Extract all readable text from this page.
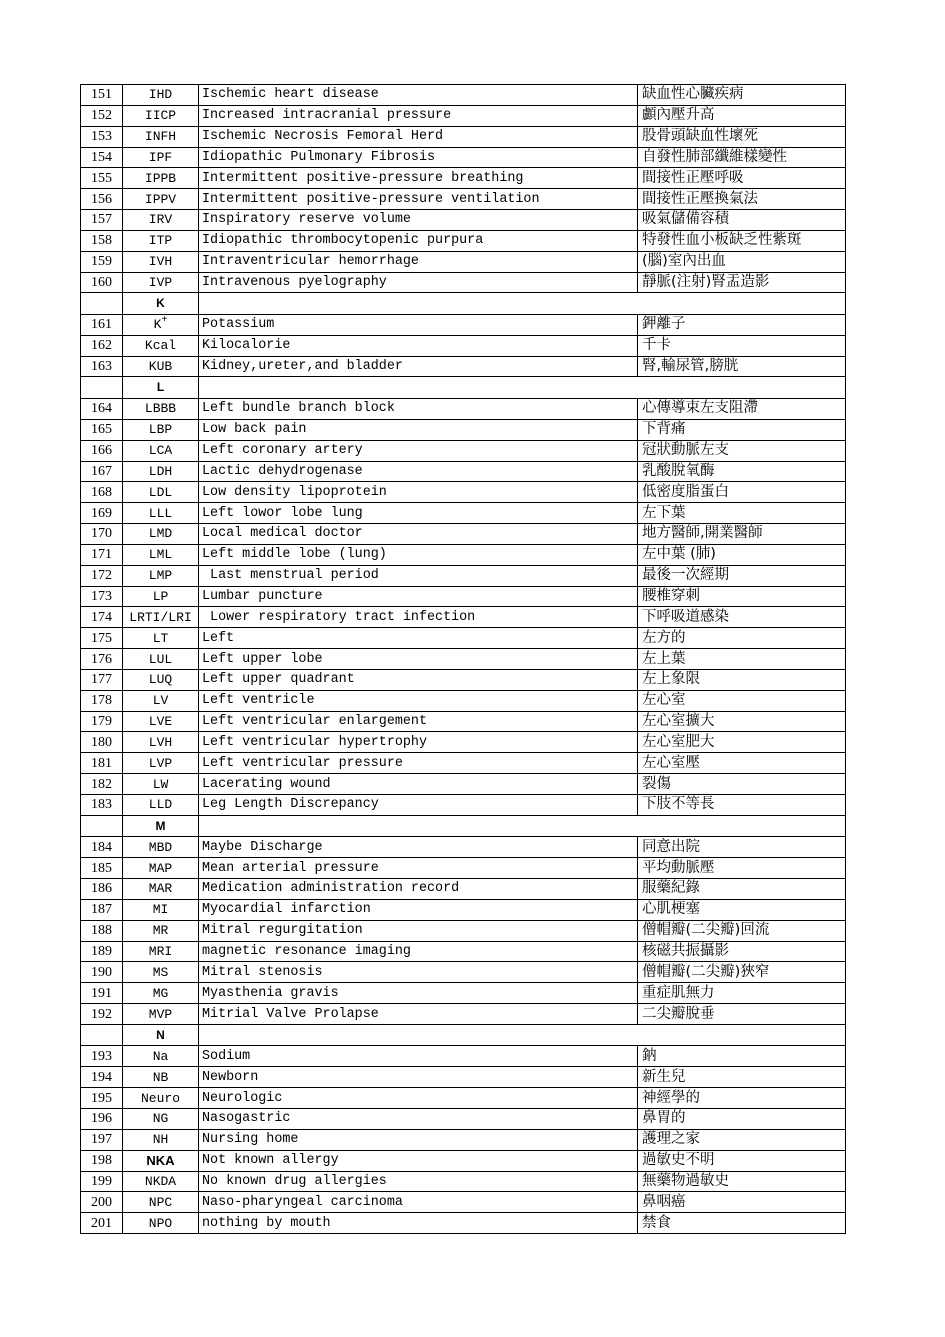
151	IHD	Ischemic heart disease	缺血性心臟疾病
152	IICP	Increased intracranial pressure	顱內壓升高
153	INFH	Ischemic Necrosis Femoral Herd	股骨頭缺血性壞死
154	IPF	Idiopathic Pulmonary Fibrosis	自發性肺部纖維樣變性
155	IPPB	Intermittent positive-pressure breathing	間接性正壓呼吸
156	IPPV	Intermittent positive-pressure ventilation	間接性正壓換氣法
157	IRV	Inspiratory reserve volume	吸氣儲備容積
158	ITP	Idiopathic thrombocytopenic purpura	特發性血小板缺乏性紫斑
159	IVH	Intraventricular hemorrhage	(腦)室內出血
160	IVP	Intravenous pyelography	靜脈(注射)腎盂造影
	K		
161	K+	Potassium	鉀離子
162	Kcal	Kilocalorie	千卡
163	KUB	Kidney,ureter,and bladder	腎,輸尿管,膀胱
	L		
164	LBBB	Left bundle branch block	心傳導束左支阻滯
165	LBP	Low back pain	下背痛
166	LCA	Left coronary artery	冠狀動脈左支
167	LDH	Lactic dehydrogenase	乳酸脫氧酶
168	LDL	Low density lipoprotein	低密度脂蛋白
169	LLL	Left lowor lobe lung	左下葉
170	LMD	Local medical doctor	地方醫師,開業醫師
171	LML	Left middle lobe (lung)	左中葉 (肺)
172	LMP	Last menstrual period	最後一次經期
173	LP	Lumbar puncture	腰椎穿刺
174	LRTI/LRI	Lower respiratory tract infection	下呼吸道感染
175	LT	Left	左方的
176	LUL	Left upper lobe	左上葉
177	LUQ	Left upper quadrant	左上象限
178	LV	Left ventricle	左心室
179	LVE	Left ventricular enlargement	左心室擴大
180	LVH	Left ventricular hypertrophy	左心室肥大
181	LVP	Left ventricular pressure	左心室壓
182	LW	Lacerating wound	裂傷
183	LLD	Leg Length Discrepancy	下肢不等長
	M		
184	MBD	Maybe Discharge	同意出院
185	MAP	Mean arterial pressure	平均動脈壓
186	MAR	Medication administration record	服藥紀錄
187	MI	Myocardial infarction	心肌梗塞
188	MR	Mitral regurgitation	僧帽瓣(二尖瓣)回流
189	MRI	magnetic resonance imaging	核磁共振攝影
190	MS	Mitral stenosis	僧帽瓣(二尖瓣)狹窄
191	MG	Myasthenia gravis	重症肌無力
192	MVP	Mitrial Valve Prolapse	二尖瓣脫垂
	N		
193	Na	Sodium	鈉
194	NB	Newborn	新生兒
195	Neuro	Neurologic	神經學的
196	NG	Nasogastric	鼻胃的
197	NH	Nursing home	護理之家
198	NKA	Not known allergy	過敏史不明
199	NKDA	No known drug allergies	無藥物過敏史
200	NPC	Naso-pharyngeal carcinoma	鼻咽癌
201	NPO	nothing by mouth	禁食
